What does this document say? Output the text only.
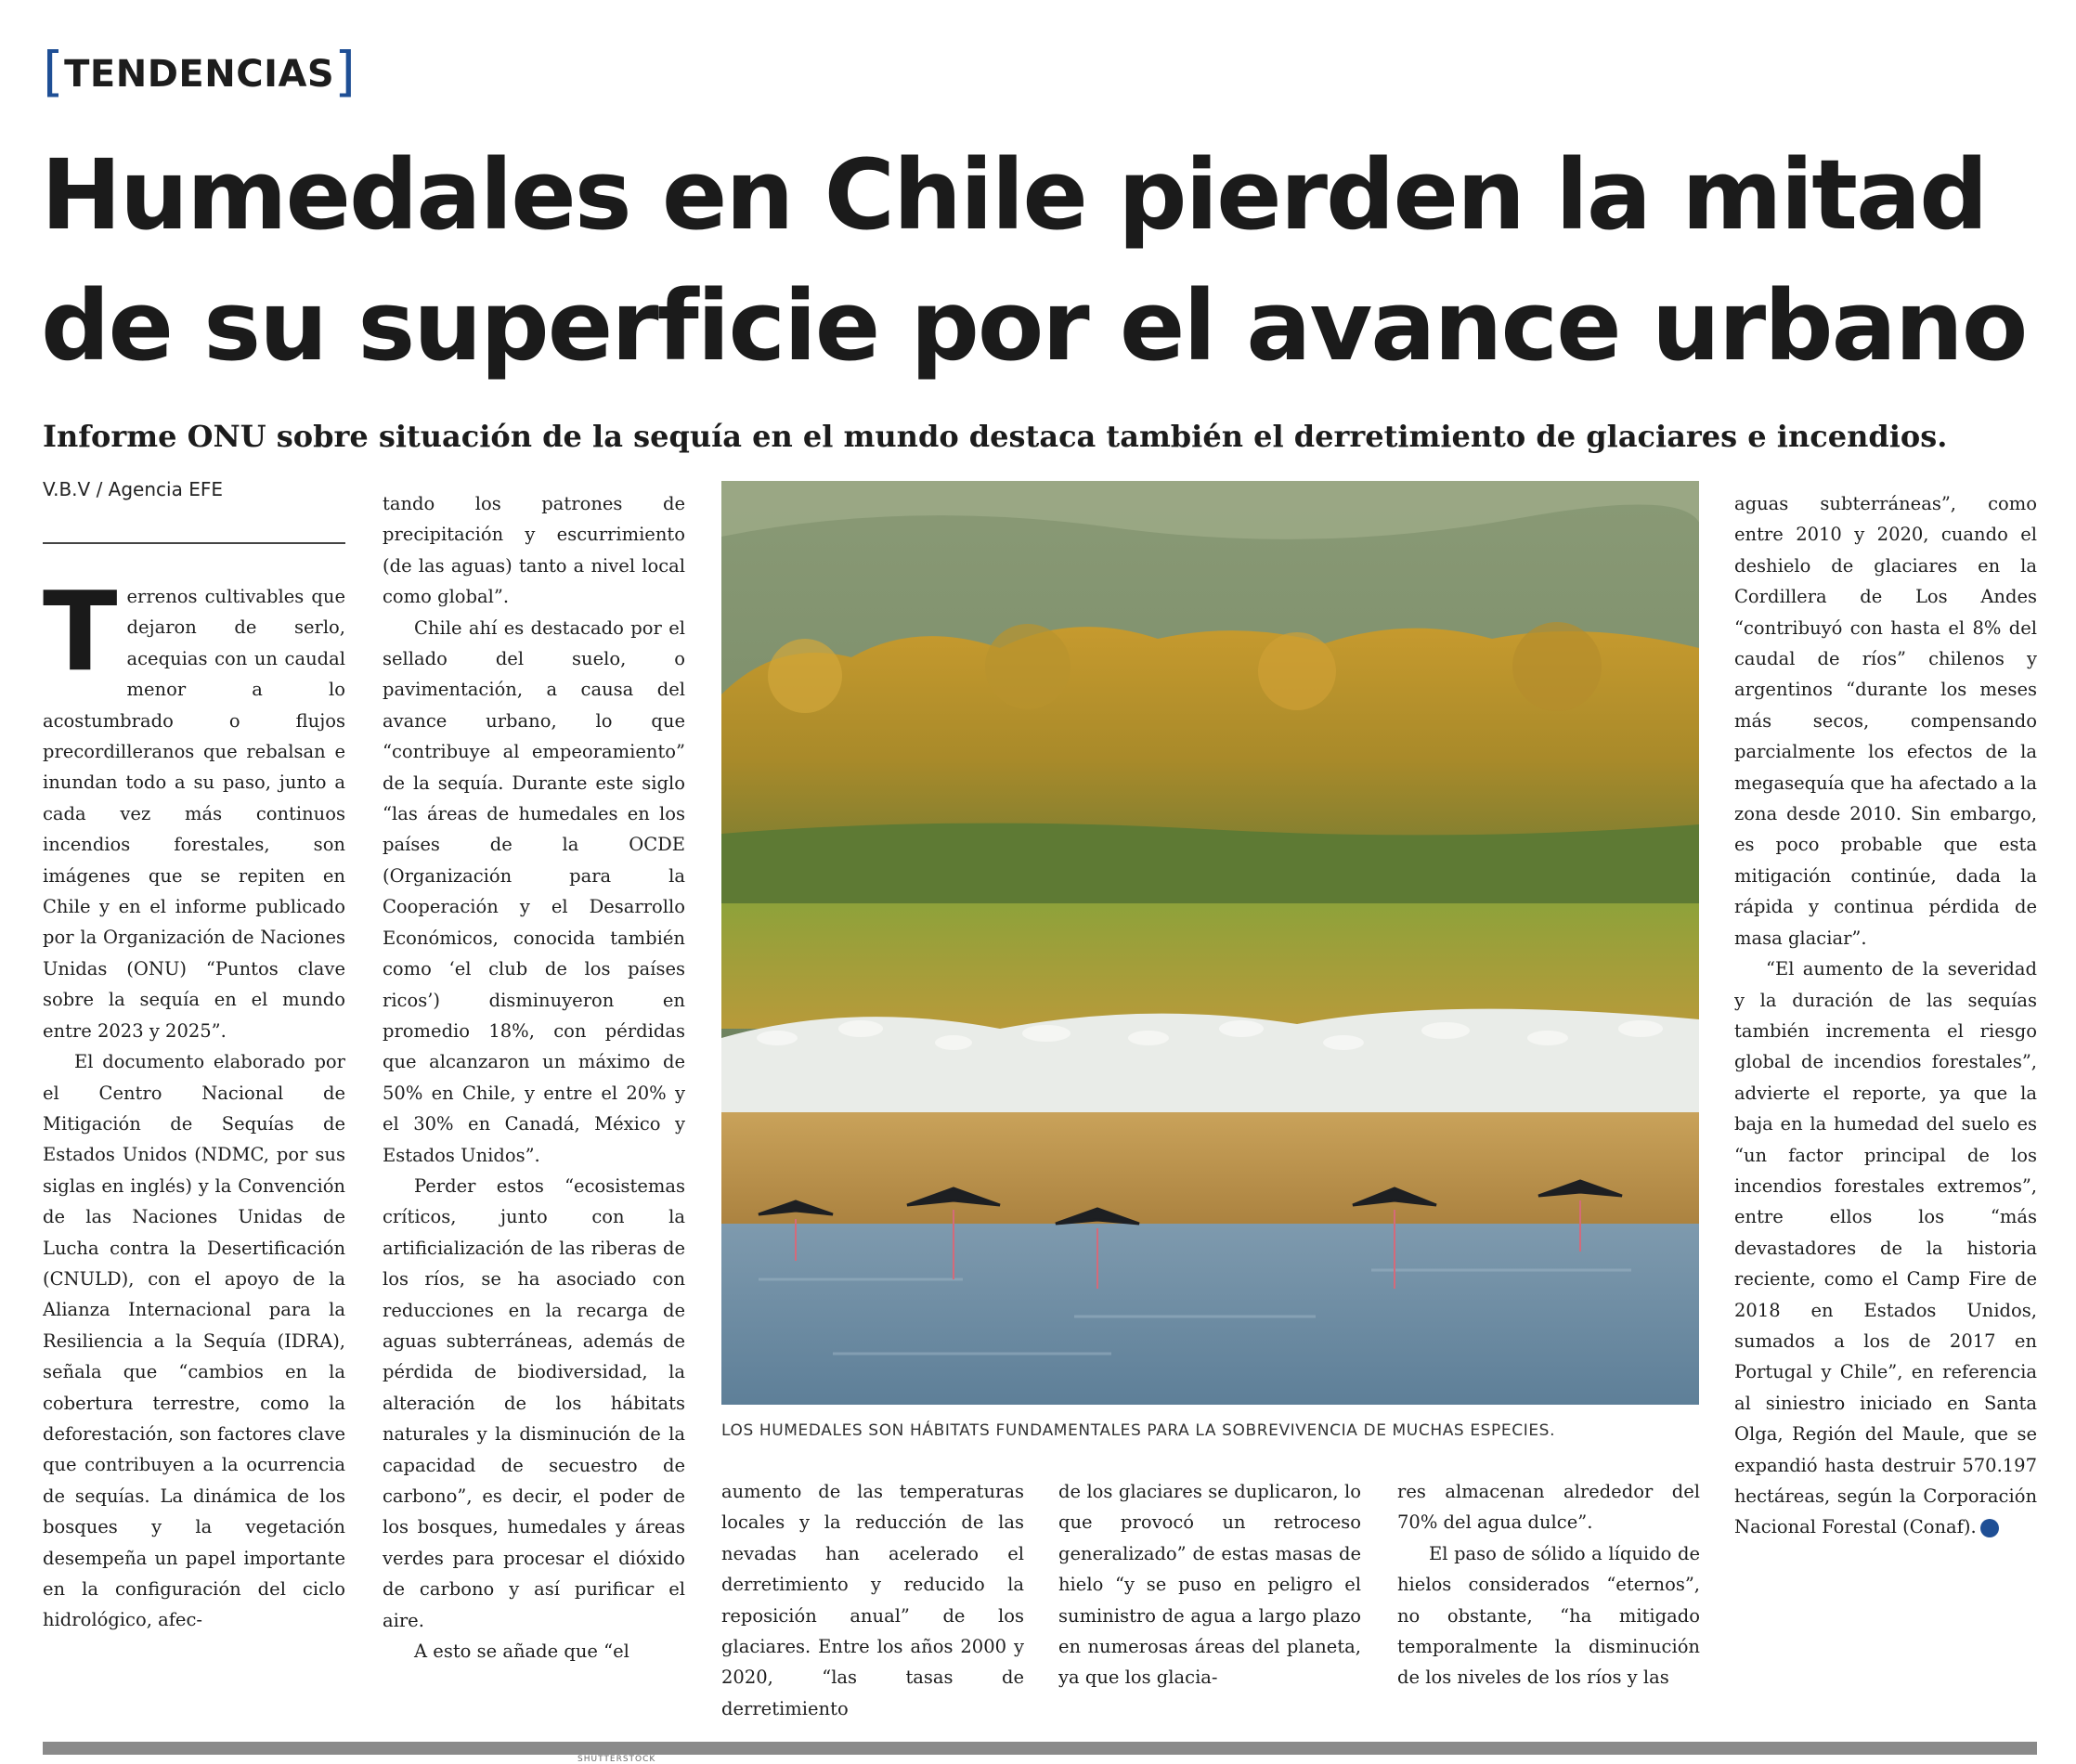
[TENDENCIAS]
Humedales en Chile pierden la mitad
de su superficie por el avance urbano

Informe ONU sobre situación de la sequía en el mundo destaca también el derretimiento de glaciares e incendios.

V.B.V / Agencia EFE

Terrenos cultivables que dejaron de serlo, acequias con un caudal menor a lo acostumbrado o flujos precordilleranos que rebalsan e inundan todo a su paso, junto a cada vez más continuos incendios forestales, son imágenes que se repiten en Chile y en el informe publicado por la Organización de Naciones Unidas (ONU) “Puntos clave sobre la sequía en el mundo entre 2023 y 2025”.

El documento elaborado por el Centro Nacional de Mitigación de Sequías de Estados Unidos (NDMC, por sus siglas en inglés) y la Convención de las Naciones Unidas de Lucha contra la Desertificación (CNULD), con el apoyo de la Alianza Internacional para la Resiliencia a la Sequía (IDRA), señala que “cambios en la cobertura terrestre, como la deforestación, son factores clave que contribuyen a la ocurrencia de sequías. La dinámica de los bosques y la vegetación desempeña un papel importante en la configuración del ciclo hidrológico, afec-

tando los patrones de precipitación y escurrimiento (de las aguas) tanto a nivel local como global”.

Chile ahí es destacado por el sellado del suelo, o pavimentación, a causa del avance urbano, lo que “contribuye al empeoramiento” de la sequía. Durante este siglo “las áreas de humedales en los países de la OCDE (Organización para la Cooperación y el Desarrollo Económicos, conocida también como ‘el club de los países ricos’) disminuyeron en promedio 18%, con pérdidas que alcanzaron un máximo de 50% en Chile, y entre el 20% y el 30% en Canadá, México y Estados Unidos”.

Perder estos “ecosistemas críticos, junto con la artificialización de las riberas de los ríos, se ha asociado con reducciones en la recarga de aguas subterráneas, además de pérdida de biodiversidad, la alteración de los hábitats naturales y la disminución de la capacidad de secuestro de carbono”, es decir, el poder de los bosques, humedales y áreas verdes para procesar el dióxido de carbono y así purificar el aire.

A esto se añade que “el

LOS HUMEDALES SON HÁBITATS FUNDAMENTALES PARA LA SOBREVIVENCIA DE MUCHAS ESPECIES.

aumento de las temperaturas locales y la reducción de las nevadas han acelerado el derretimiento y reducido la reposición anual” de los glaciares. Entre los años 2000 y 2020, “las tasas de derretimiento

de los glaciares se duplicaron, lo que provocó un retroceso generalizado” de estas masas de hielo “y se puso en peligro el suministro de agua a largo plazo en numerosas áreas del planeta, ya que los glacia-

res almacenan alrededor del 70% del agua dulce”.

El paso de sólido a líquido de hielos considerados “eternos”, no obstante, “ha mitigado temporalmente la disminución de los niveles de los ríos y las

aguas subterráneas”, como entre 2010 y 2020, cuando el deshielo de glaciares en la Cordillera de Los Andes “contribuyó con hasta el 8% del caudal de ríos” chilenos y argentinos “durante los meses más secos, compensando parcialmente los efectos de la megasequía que ha afectado a la zona desde 2010. Sin embargo, es poco probable que esta mitigación continúe, dada la rápida y continua pérdida de masa glaciar”.

“El aumento de la severidad y la duración de las sequías también incrementa el riesgo global de incendios forestales”, advierte el reporte, ya que la baja en la humedad del suelo es “un factor principal de los incendios forestales extremos”, entre ellos los “más devastadores de la historia reciente, como el Camp Fire de 2018 en Estados Unidos, sumados a los de 2017 en Portugal y Chile”, en referencia al siniestro iniciado en Santa Olga, Región del Maule, que se expandió hasta destruir 570.197 hectáreas, según la Corporación Nacional Forestal (Conaf).	✪

SHUTTERSTOCK
